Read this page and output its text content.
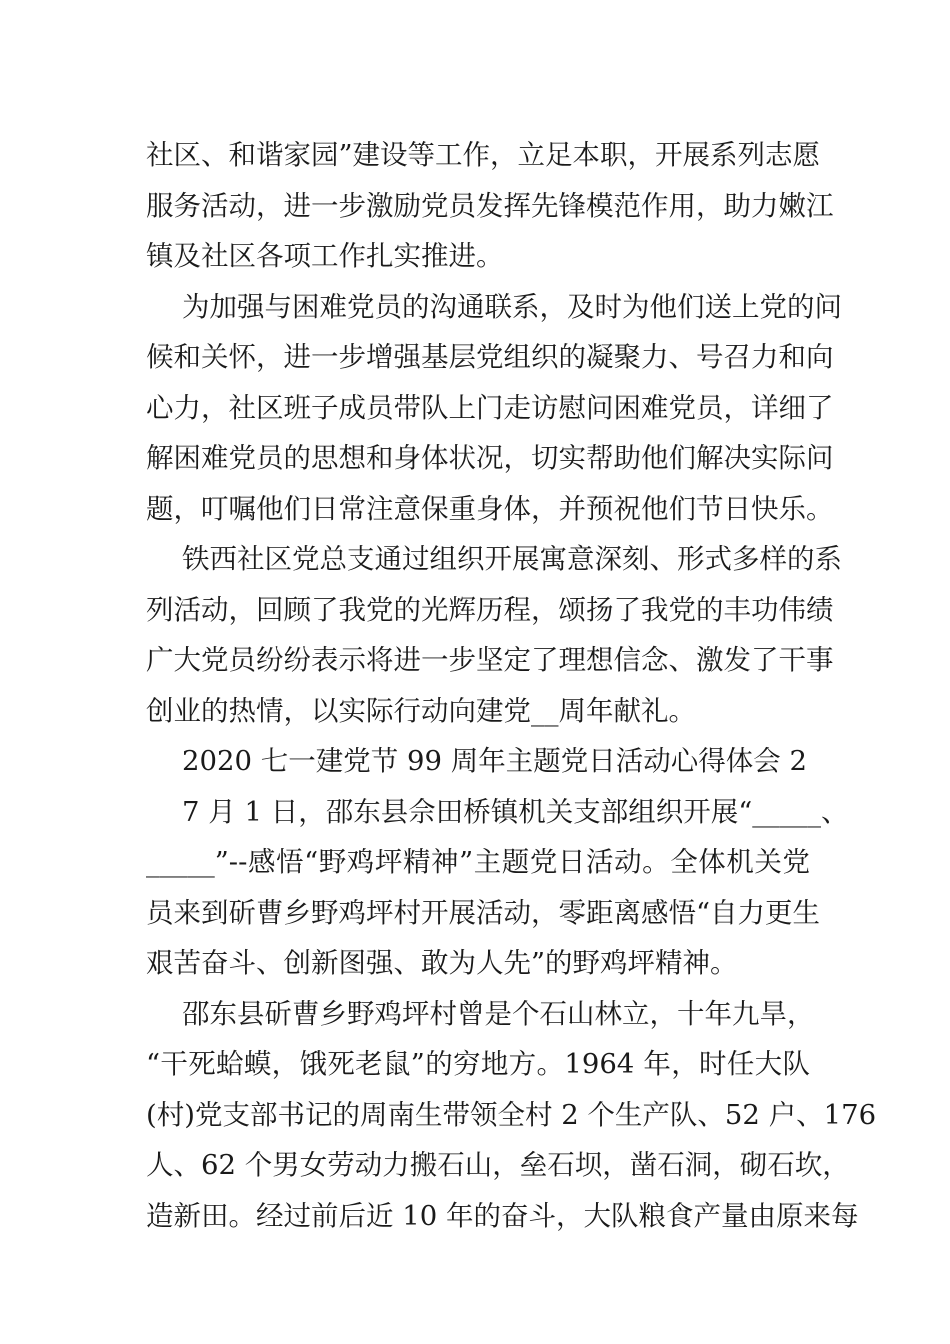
社区、和谐家园”建设等工作，立足本职，开展系列志愿
服务活动，进一步激励党员发挥先锋模范作用，助力嫩江
镇及社区各项工作扎实推进。
为加强与困难党员的沟通联系，及时为他们送上党的问
候和关怀，进一步增强基层党组织的凝聚力、号召力和向
心力，社区班子成员带队上门走访慰问困难党员，详细了
解困难党员的思想和身体状况，切实帮助他们解决实际问
题，叮嘱他们日常注意保重身体，并预祝他们节日快乐。
铁西社区党总支通过组织开展寓意深刻、形式多样的系
列活动，回顾了我党的光辉历程，颂扬了我党的丰功伟绩
广大党员纷纷表示将进一步坚定了理想信念、激发了干事
创业的热情，以实际行动向建党__周年献礼。
2020 七一建党节 99 周年主题党日活动心得体会 2
7 月 1 日，邵东县佘田桥镇机关支部组织开展“_____、
_____”--感悟“野鸡坪精神”主题党日活动。全体机关党
员来到斫曹乡野鸡坪村开展活动，零距离感悟“自力更生
艰苦奋斗、创新图强、敢为人先”的野鸡坪精神。
邵东县斫曹乡野鸡坪村曾是个石山林立，十年九旱，
“干死蛤蟆，饿死老鼠”的穷地方。1964 年，时任大队
(村)党支部书记的周南生带领全村 2 个生产队、52 户、176
人、62 个男女劳动力搬石山，垒石坝，凿石洞，砌石坎，
造新田。经过前后近 10 年的奋斗，大队粮食产量由原来每
